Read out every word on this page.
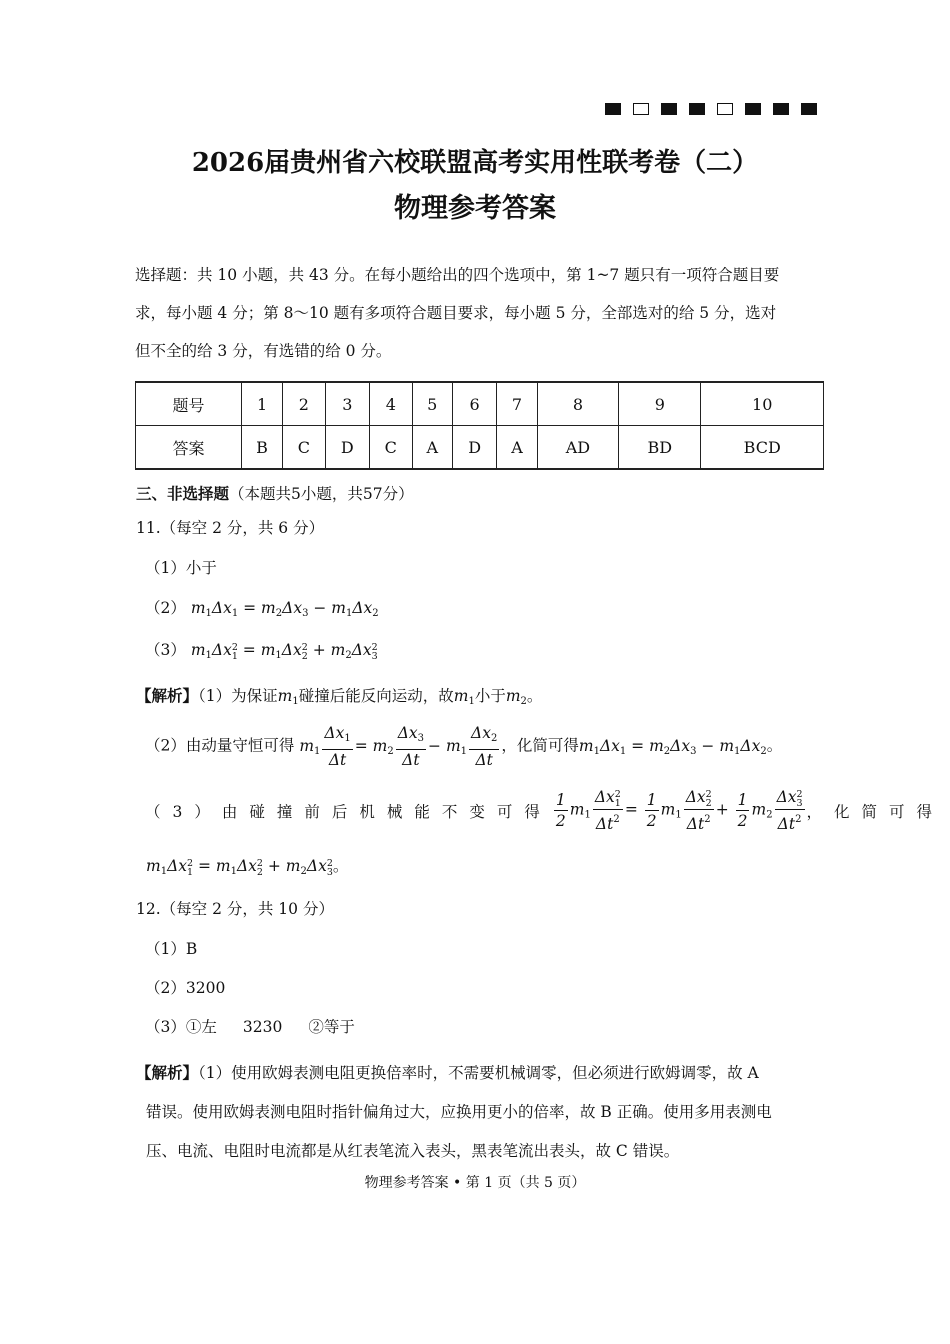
2026届贵州省六校联盟高考实用性联考卷（二）
物理参考答案
选择题：共 10 小题，共 43 分。在每小题给出的四个选项中，第 1~7 题只有一项符合题目要
求，每小题 4 分；第 8～10 题有多项符合题目要求，每小题 5 分，全部选对的给 5 分，选对
但不全的给 3 分，有选错的给 0 分。
题号	1	2	3	4	5	6	7	8	9	10
答案	B	C	D	C	A	D	A	AD	BD	BCD
三、非选择题（本题共5小题，共57分）
11.（每空 2 分，共 6 分）
（1）小于
（2） $m_1\Delta x_1 = m_2\Delta x_3 - m_1\Delta x_2$
（3） $m_1\Delta x2$
$1 = m_1\Delta x2$
$2 + m_2\Delta x2$
3
【解析】（1）为保证$m_1$碰撞后能反向运动，故$m_1$小于$m_2$。
（2）由动量守恒可得 $m_1 \frac{\Delta x_1}{\Delta t} = m_2 \frac{\Delta x_3}{\Delta t} - m_1 \frac{\Delta x_2}{\Delta t}$ ，化简可得$m_1\Delta x_1 = m_2\Delta x_3 - m_1\Delta x_2$。
（3） 由碰撞前后机械能不变可得 $\frac{1}{2} m_1$
Δx2
1
$\Delta t^2$
= $\frac{1}{2} m_1$
Δx2
2
$\Delta t^2$
+ $\frac{1}{2} m_2$
Δx2
3
$\Delta t^2$ ，化简可得
$m_1\Delta x2$
$1 = m_1\Delta x2$
$2 + m_2\Delta x2$
3。
12.（每空 2 分，共 10 分）
（1）B
（2）3200
（3）①左 3230 ②等于
【解析】（1）使用欧姆表测电阻更换倍率时，不需要机械调零，但必须进行欧姆调零，故 A
错误。使用欧姆表测电阻时指针偏角过大，应换用更小的倍率，故 B 正确。使用多用表测电
压、电流、电阻时电流都是从红表笔流入表头，黑表笔流出表头，故 C 错误。
物理参考答案 • 第 1 页（共 5 页）
